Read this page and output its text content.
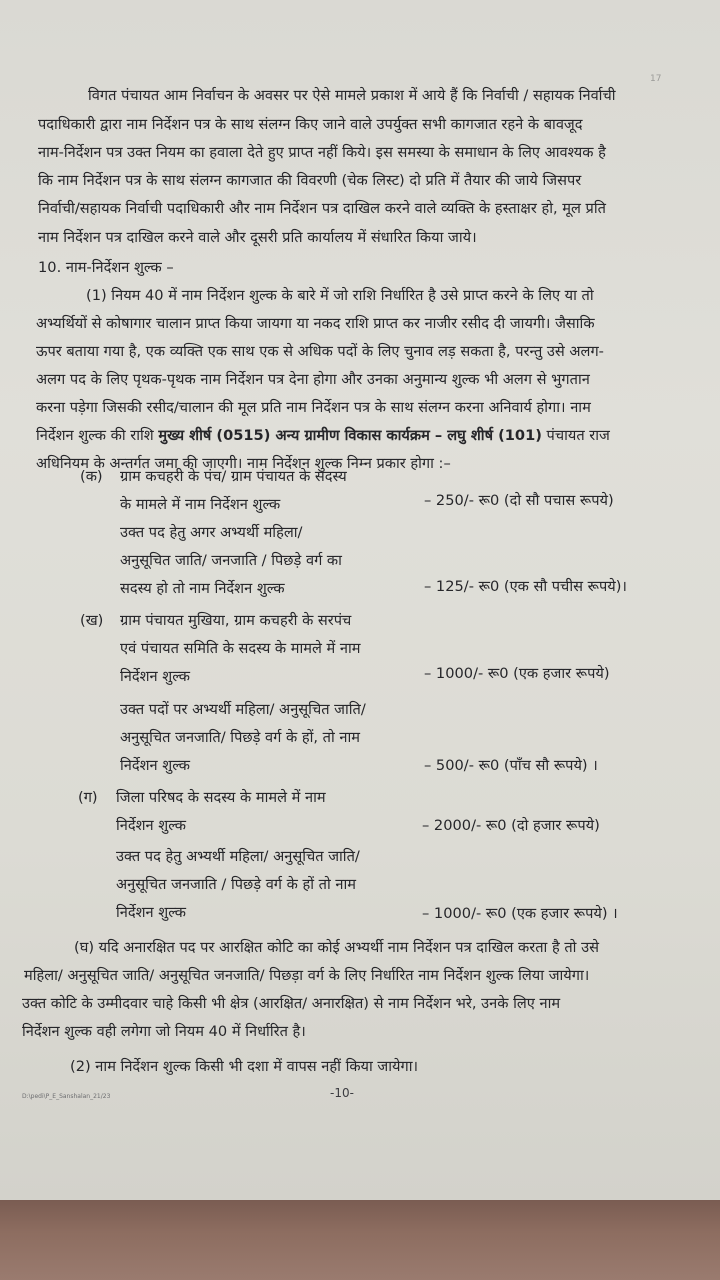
17
विगत पंचायत आम निर्वाचन के अवसर पर ऐसे मामले प्रकाश में आये हैं कि निर्वाची / सहायक निर्वाची
पदाधिकारी द्वारा नाम निर्देशन पत्र के साथ संलग्न किए जाने वाले उपर्युक्त सभी कागजात रहने के बावजूद
नाम-निर्देशन पत्र उक्त नियम का हवाला देते हुए प्राप्त नहीं किये। इस समस्या के समाधान के लिए आवश्यक है
कि नाम निर्देशन पत्र के साथ संलग्न कागजात की विवरणी (चेक लिस्ट) दो प्रति में तैयार की जाये जिसपर
निर्वाची/सहायक निर्वाची पदाधिकारी और नाम निर्देशन पत्र दाखिल करने वाले व्यक्ति के हस्ताक्षर हो, मूल प्रति
नाम निर्देशन पत्र दाखिल करने वाले और दूसरी प्रति कार्यालय में संधारित किया जाये।
10. नाम-निर्देशन शुल्क –
(1) नियम 40 में नाम निर्देशन शुल्क के बारे में जो राशि निर्धारित है उसे प्राप्त करने के लिए या तो
अभ्यर्थियों से कोषागार चालान प्राप्त किया जायगा या नकद राशि प्राप्त कर नाजीर रसीद दी जायगी। जैसाकि
ऊपर बताया गया है, एक व्यक्ति एक साथ एक से अधिक पदों के लिए चुनाव लड़ सकता है, परन्तु उसे अलग-
अलग पद के लिए पृथक-पृथक नाम निर्देशन पत्र देना होगा और उनका अनुमान्य शुल्क भी अलग से भुगतान
करना पड़ेगा जिसकी रसीद/चालान की मूल प्रति नाम निर्देशन पत्र के साथ संलग्न करना अनिवार्य होगा। नाम
निर्देशन शुल्क की राशि मुख्य शीर्ष (0515) अन्य ग्रामीण विकास कार्यक्रम – लघु शीर्ष (101) पंचायत राज
अधिनियम के अन्तर्गत जमा की जाएगी। नाम निर्देशन शुल्क निम्न प्रकार होगा :–
(क) ग्राम कचहरी के पंच/ ग्राम पंचायत के सदस्य
के मामले में नाम निर्देशन शुल्क	– 250/- रू0 (दो सौ पचास रूपये)
उक्त पद हेतु अगर अभ्यर्थी महिला/
अनुसूचित जाति/ जनजाति / पिछड़े वर्ग का
सदस्य हो तो नाम निर्देशन शुल्क	– 125/- रू0 (एक सौ पचीस रूपये)।
(ख) ग्राम पंचायत मुखिया, ग्राम कचहरी के सरपंच
एवं पंचायत समिति के सदस्य के मामले में नाम
निर्देशन शुल्क	– 1000/- रू0 (एक हजार रूपये)
उक्त पदों पर अभ्यर्थी महिला/ अनुसूचित जाति/
अनुसूचित जनजाति/ पिछड़े वर्ग के हों, तो नाम
निर्देशन शुल्क	– 500/- रू0 (पाँच सौ रूपये) ।
(ग) जिला परिषद के सदस्य के मामले में नाम
निर्देशन शुल्क	– 2000/- रू0 (दो हजार रूपये)
उक्त पद हेतु अभ्यर्थी महिला/ अनुसूचित जाति/
अनुसूचित जनजाति / पिछड़े वर्ग के हों तो नाम
निर्देशन शुल्क	– 1000/- रू0 (एक हजार रूपये) ।
(घ) यदि अनारक्षित पद पर आरक्षित कोटि का कोई अभ्यर्थी नाम निर्देशन पत्र दाखिल करता है तो उसे
महिला/ अनुसूचित जाति/ अनुसूचित जनजाति/ पिछड़ा वर्ग के लिए निर्धारित नाम निर्देशन शुल्क लिया जायेगा।
उक्त कोटि के उम्मीदवार चाहे किसी भी क्षेत्र (आरक्षित/ अनारक्षित) से नाम निर्देशन भरे, उनके लिए नाम
निर्देशन शुल्क वही लगेगा जो नियम 40 में निर्धारित है।
(2) नाम निर्देशन शुल्क किसी भी दशा में वापस नहीं किया जायेगा।
D:\pedi\P_E_Sanshalan_21/23	-10-
